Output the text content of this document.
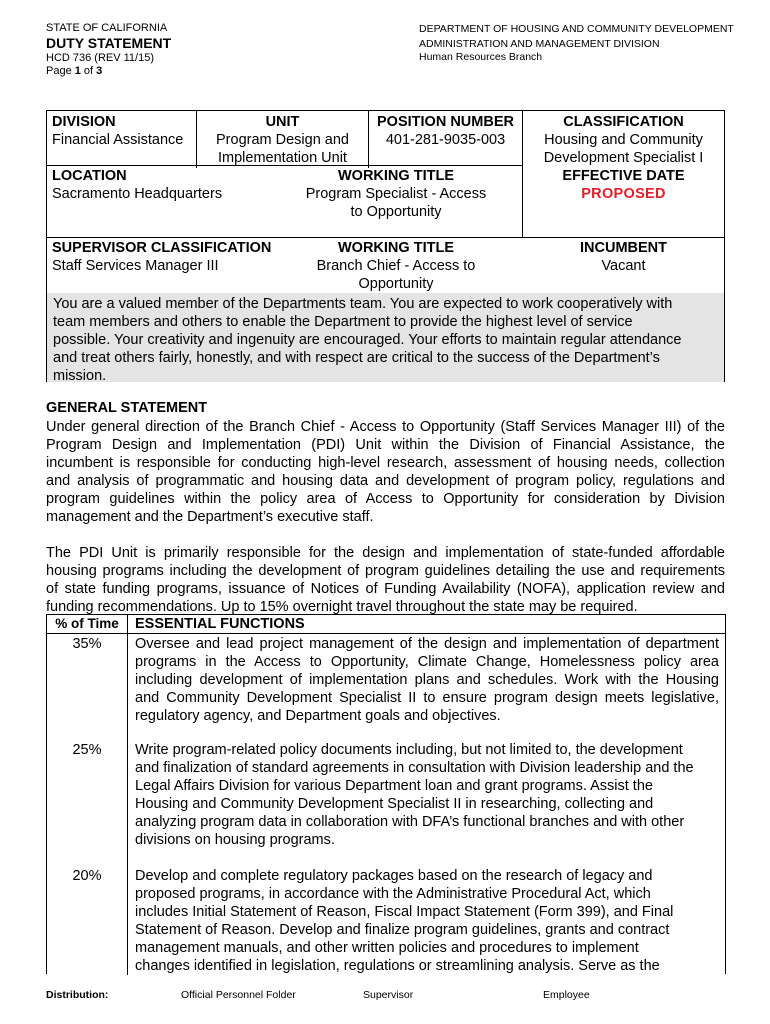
STATE OF CALIFORNIA
DUTY STATEMENT
HCD 736 (REV 11/15)
Page 1 of 3
DEPARTMENT OF HOUSING AND COMMUNITY DEVELOPMENT
ADMINISTRATION AND MANAGEMENT DIVISION
Human Resources Branch
DIVISION
Financial Assistance
UNIT
Program Design and
Implementation Unit
POSITION NUMBER
401-281-9035-003
CLASSIFICATION
Housing and Community
Development Specialist I
EFFECTIVE DATE
PROPOSED
LOCATION
Sacramento Headquarters
WORKING TITLE
Program Specialist - Access
to Opportunity
SUPERVISOR CLASSIFICATION
Staff Services Manager III
WORKING TITLE
Branch Chief - Access to
Opportunity
INCUMBENT
Vacant
You are a valued member of the Departments team. You are expected to work cooperatively with
team members and others to enable the Department to provide the highest level of service
possible. Your creativity and ingenuity are encouraged. Your efforts to maintain regular attendance
and treat others fairly, honestly, and with respect are critical to the success of the Department’s
mission.
GENERAL STATEMENT
Under general direction of the Branch Chief - Access to Opportunity (Staff Services Manager III) of the
Program Design and Implementation (PDI) Unit within the Division of Financial Assistance, the
incumbent is responsible for conducting high-level research, assessment of housing needs, collection
and analysis of programmatic and housing data and development of program policy, regulations and
program guidelines within the policy area of Access to Opportunity for consideration by Division
management and the Department’s executive staff.
The PDI Unit is primarily responsible for the design and implementation of state-funded affordable
housing programs including the development of program guidelines detailing the use and requirements
of state funding programs, issuance of Notices of Funding Availability (NOFA), application review and
funding recommendations. Up to 15% overnight travel throughout the state may be required.
% of Time	ESSENTIAL FUNCTIONS
35%	Oversee and lead project management of the design and implementation of department
programs in the Access to Opportunity, Climate Change, Homelessness policy area
including development of implementation plans and schedules. Work with the Housing
and Community Development Specialist II to ensure program design meets legislative,
regulatory agency, and Department goals and objectives.
25%	Write program-related policy documents including, but not limited to, the development
and finalization of standard agreements in consultation with Division leadership and the
Legal Affairs Division for various Department loan and grant programs. Assist the
Housing and Community Development Specialist II in researching, collecting and
analyzing program data in collaboration with DFA’s functional branches and with other
divisions on housing programs.
20%	Develop and complete regulatory packages based on the research of legacy and
proposed programs, in accordance with the Administrative Procedural Act, which
includes Initial Statement of Reason, Fiscal Impact Statement (Form 399), and Final
Statement of Reason. Develop and finalize program guidelines, grants and contract
management manuals, and other written policies and procedures to implement
changes identified in legislation, regulations or streamlining analysis. Serve as the
Distribution:	Official Personnel Folder	Supervisor	Employee
